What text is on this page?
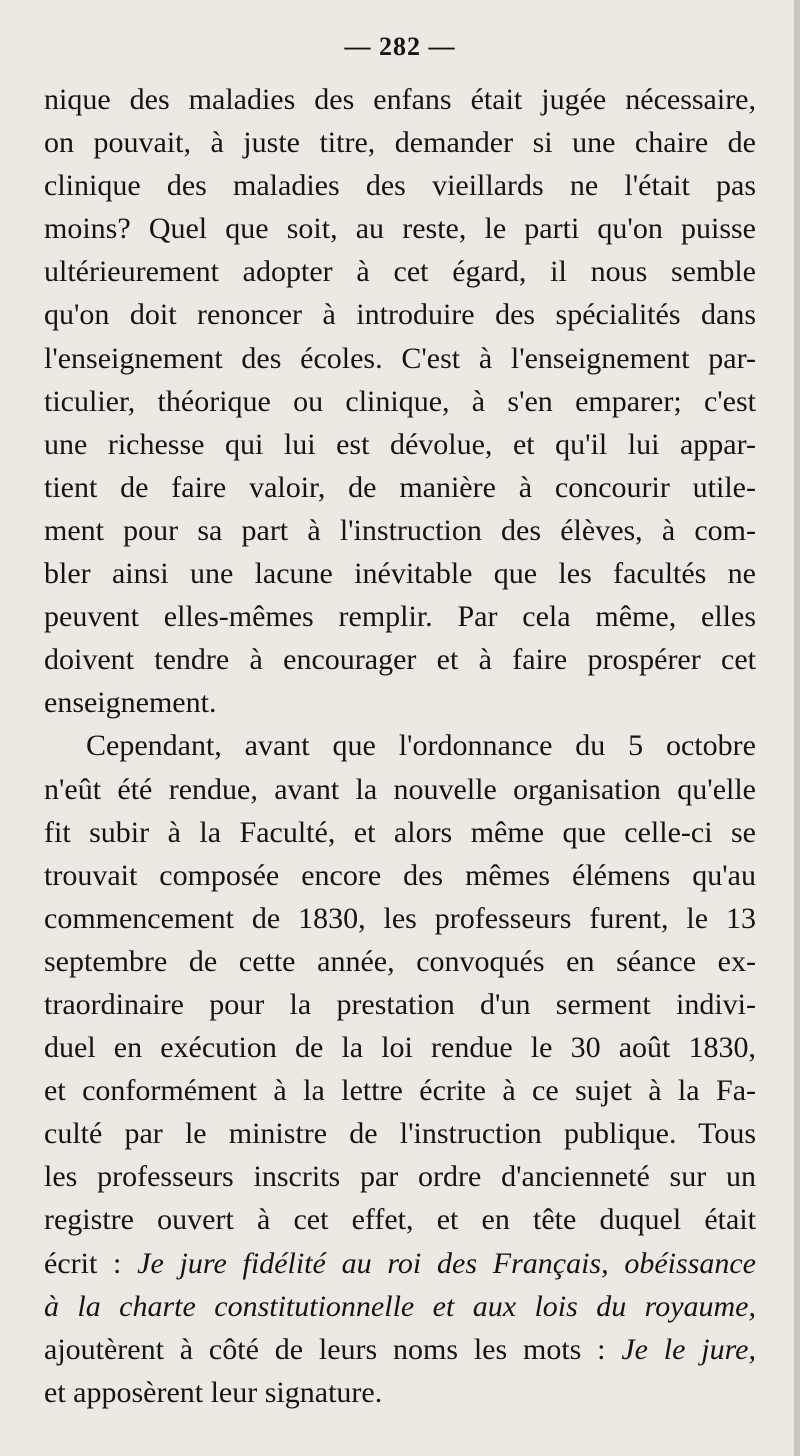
— 282 —
nique des maladies des enfans était jugée nécessaire,
on pouvait, à juste titre, demander si une chaire de
clinique des maladies des vieillards ne l'était pas
moins? Quel que soit, au reste, le parti qu'on puisse
ultérieurement adopter à cet égard, il nous semble
qu'on doit renoncer à introduire des spécialités dans
l'enseignement des écoles. C'est à l'enseignement par-
ticulier, théorique ou clinique, à s'en emparer; c'est
une richesse qui lui est dévolue, et qu'il lui appar-
tient de faire valoir, de manière à concourir utile-
ment pour sa part à l'instruction des élèves, à com-
bler ainsi une lacune inévitable que les facultés ne
peuvent elles-mêmes remplir. Par cela même, elles
doivent tendre à encourager et à faire prospérer cet
enseignement.
Cependant, avant que l'ordonnance du 5 octobre
n'eût été rendue, avant la nouvelle organisation qu'elle
fit subir à la Faculté, et alors même que celle-ci se
trouvait composée encore des mêmes élémens qu'au
commencement de 1830, les professeurs furent, le 13
septembre de cette année, convoqués en séance ex-
traordinaire pour la prestation d'un serment indivi-
duel en exécution de la loi rendue le 30 août 1830,
et conformément à la lettre écrite à ce sujet à la Fa-
culté par le ministre de l'instruction publique. Tous
les professeurs inscrits par ordre d'ancienneté sur un
registre ouvert à cet effet, et en tête duquel était
écrit : Je jure fidélité au roi des Français, obéissance
à la charte constitutionnelle et aux lois du royaume,
ajoutèrent à côté de leurs noms les mots : Je le jure,
et apposèrent leur signature.
